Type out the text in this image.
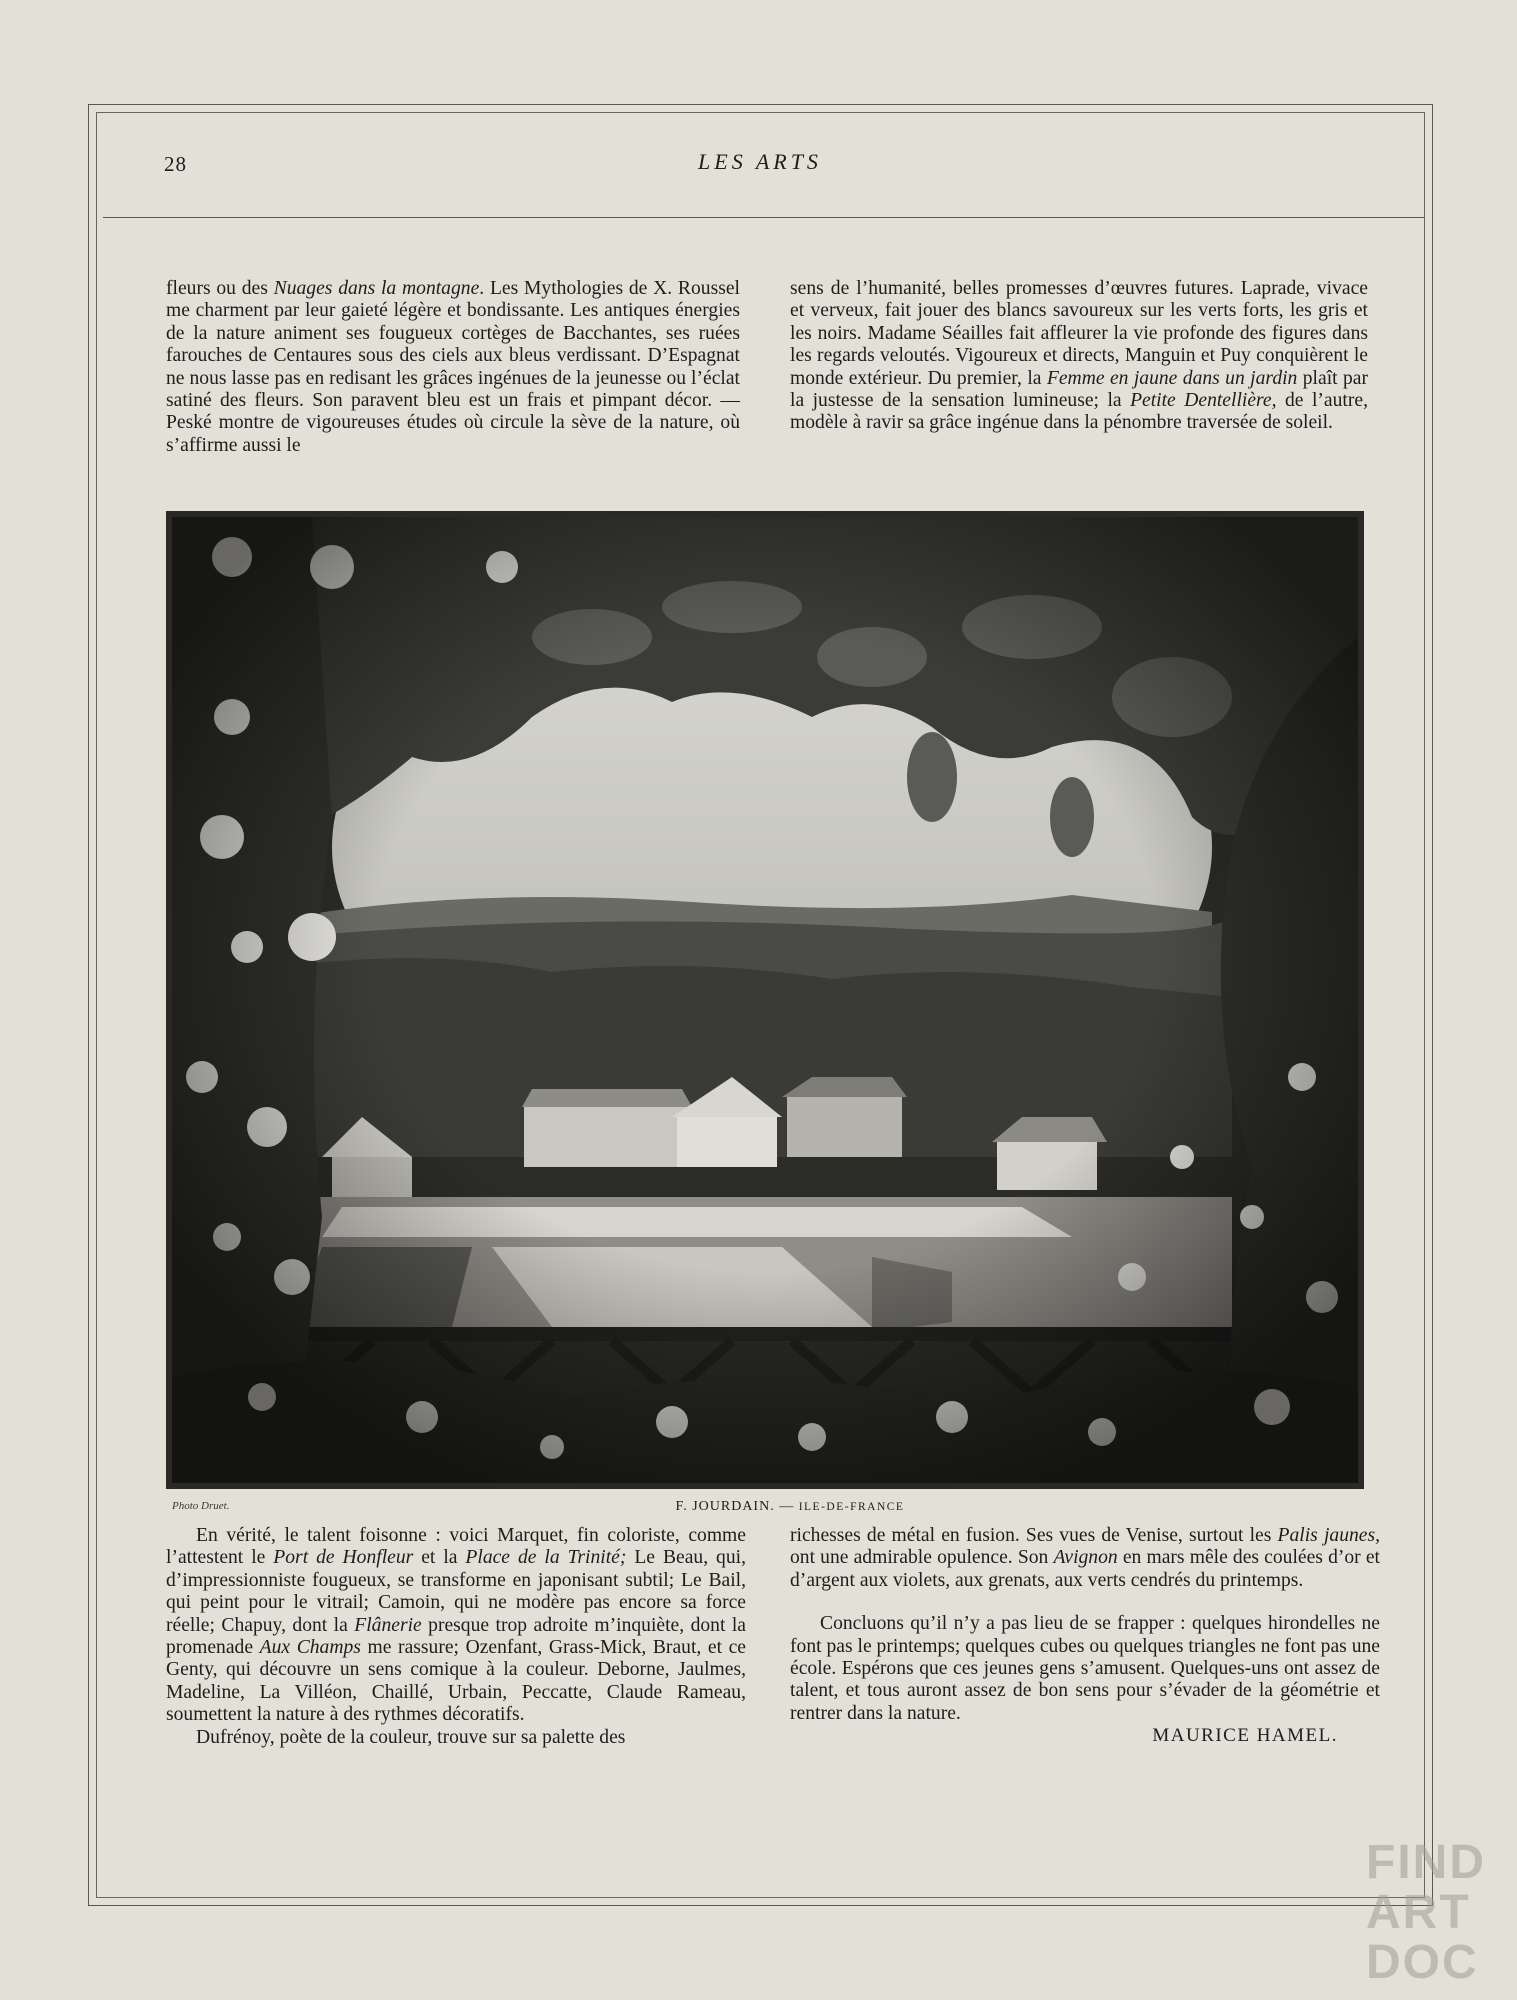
28	LES ARTS

fleurs ou des Nuages dans la montagne. Les Mythologies de X. Roussel me charment par leur gaieté légère et bondissante. Les antiques énergies de la nature animent ses fougueux cortèges de Bacchantes, ses ruées farouches de Centaures sous des ciels aux bleus verdissant. D’Espagnat ne nous lasse pas en redisant les grâces ingénues de la jeunesse ou l’éclat satiné des fleurs. Son paravent bleu est un frais et pimpant décor. — Peské montre de vigoureuses études où circule la sève de la nature, où s’affirme aussi le

sens de l’humanité, belles promesses d’œuvres futures. Laprade, vivace et verveux, fait jouer des blancs savoureux sur les verts forts, les gris et les noirs. Madame Séailles fait affleurer la vie profonde des figures dans les regards veloutés. Vigoureux et directs, Manguin et Puy conquièrent le monde extérieur. Du premier, la Femme en jaune dans un jardin plaît par la justesse de la sensation lumineuse; la Petite Dentellière, de l’autre, modèle à ravir sa grâce ingénue dans la pénombre traversée de soleil.

Photo Druet.	F. JOURDAIN. — ILE-DE-FRANCE

En vérité, le talent foisonne : voici Marquet, fin coloriste, comme l’attestent le Port de Honfleur et la Place de la Trinité; Le Beau, qui, d’impressionniste fougueux, se transforme en japonisant subtil; Le Bail, qui peint pour le vitrail; Camoin, qui ne modère pas encore sa force réelle; Chapuy, dont la Flânerie presque trop adroite m’inquiète, dont la promenade Aux Champs me rassure; Ozenfant, Grass-Mick, Braut, et ce Genty, qui découvre un sens comique à la couleur. Deborne, Jaulmes, Madeline, La Villéon, Chaillé, Urbain, Peccatte, Claude Rameau, soumettent la nature à des rythmes décoratifs.

Dufrénoy, poète de la couleur, trouve sur sa palette des

richesses de métal en fusion. Ses vues de Venise, surtout les Palis jaunes, ont une admirable opulence. Son Avignon en mars mêle des coulées d’or et d’argent aux violets, aux grenats, aux verts cendrés du printemps.

Concluons qu’il n’y a pas lieu de se frapper : quelques hirondelles ne font pas le printemps; quelques cubes ou quelques triangles ne font pas une école. Espérons que ces jeunes gens s’amusent. Quelques-uns ont assez de talent, et tous auront assez de bon sens pour s’évader de la géométrie et rentrer dans la nature.

MAURICE HAMEL.

FIND
ART
DOC
